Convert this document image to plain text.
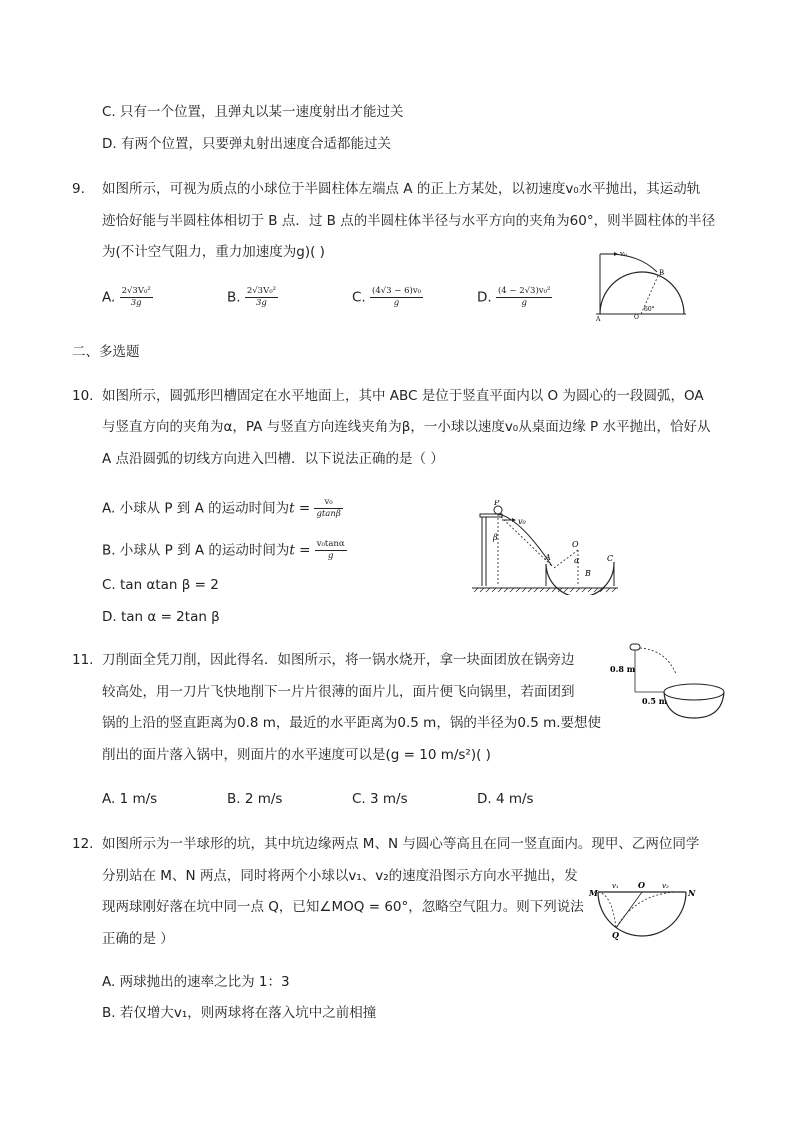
C. 只有一个位置，且弹丸以某一速度射出才能过关
D. 有两个位置，只要弹丸射出速度合适都能过关
9. 如图所示，可视为质点的小球位于半圆柱体左端点 A 的正上方某处，以初速度v₀水平抛出，其运动轨
迹恰好能与半圆柱体相切于 B 点．过 B 点的半圆柱体半径与水平方向的夹角为60°，则半圆柱体的半径
为(不计空气阻力，重力加速度为g)( )
A. $\frac{\text{2√3V₀²}}{3g}$	B. $\frac{\text{2√3V₀²}}{3g}$	C. $\frac{\text{(4√3 − 6)v₀}}{g}$	D. $\frac{\text{(4 − 2√3)v₀²}}{g}$
v₀
B
A	O
60°
二、多选题
10. 如图所示，圆弧形凹槽固定在水平地面上，其中 ABC 是位于竖直平面内以 O 为圆心的一段圆弧，OA
与竖直方向的夹角为α，PA 与竖直方向连线夹角为β，一小球以速度v₀从桌面边缘 P 水平抛出，恰好从
A 点沿圆弧的切线方向进入凹槽．以下说法正确的是（ ）
A. 小球从 P 到 A 的运动时间为$t = \frac{\text{v₀}}{gtan\beta}$
B. 小球从 P 到 A 的运动时间为$t = \frac{\text{v₀tanα}}{g}$
C. tan αtan β = 2
D. tan α = 2tan β
P
v₀
β
A
O
α
B
C
11. 刀削面全凭刀削，因此得名．如图所示，将一锅水烧开，拿一块面团放在锅旁边
较高处，用一刀片飞快地削下一片片很薄的面片儿，面片便飞向锅里，若面团到
锅的上沿的竖直距离为0.8 m，最近的水平距离为0.5 m，锅的半径为0.5 m.要想使
削出的面片落入锅中，则面片的水平速度可以是(g = 10 m/s²)( )
A. 1 m/s	B. 2 m/s	C. 3 m/s	D. 4 m/s
0.8 m
0.5 m
12. 如图所示为一半球形的坑，其中坑边缘两点 M、N 与圆心等高且在同一竖直面内。现甲、乙两位同学
分别站在 M、N 两点，同时将两个小球以v₁、v₂的速度沿图示方向水平抛出，发
现两球刚好落在坑中同一点 Q，已知∠MOQ = 60°，忽略空气阻力。则下列说法
正确的是 ）
A. 两球抛出的速率之比为 1：3
B. 若仅增大v₁，则两球将在落入坑中之前相撞
M
v₁ O v₂
N
Q
